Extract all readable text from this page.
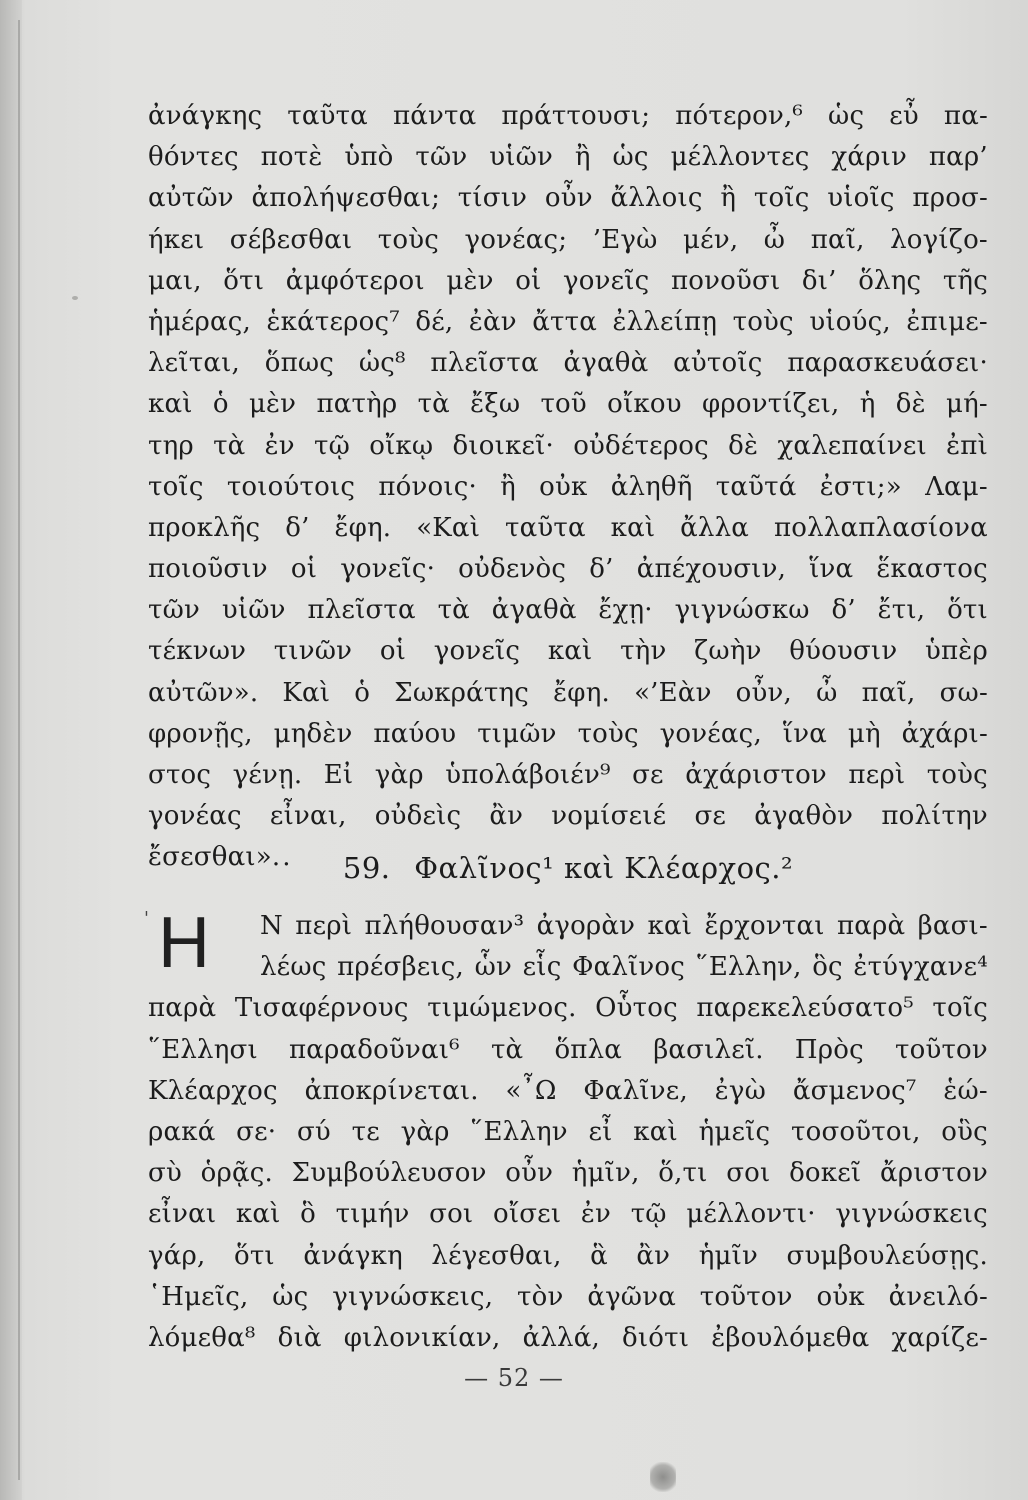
ἀνάγκης ταῦτα πάντα πράττουσι; πότερον,⁶ ὡς εὖ πα-
θόντες ποτὲ ὑπὸ τῶν υἱῶν ἢ ὡς μέλλοντες χάριν παρ’
αὐτῶν ἀπολήψεσθαι; τίσιν οὖν ἄλλοις ἢ τοῖς υἱοῖς προσ-
ήκει σέβεσθαι τοὺς γονέας; ’Εγὼ μέν, ὦ παῖ, λογίζο-
μαι, ὅτι ἀμφότεροι μὲν οἱ γονεῖς πονοῦσι δι’ ὅλης τῆς
ἡμέρας, ἑκάτερος⁷ δέ, ἐὰν ἄττα ἐλλείπῃ τοὺς υἱούς, ἐπιμε-
λεῖται, ὅπως ὡς⁸ πλεῖστα ἀγαθὰ αὐτοῖς παρασκευάσει·
καὶ ὁ μὲν πατὴρ τὰ ἔξω τοῦ οἴκου φροντίζει, ἡ δὲ μή-
τηρ τὰ ἐν τῷ οἴκῳ διοικεῖ· οὐδέτερος δὲ χαλεπαίνει ἐπὶ
τοῖς τοιούτοις πόνοις· ἢ οὐκ ἀληθῆ ταῦτά ἐστι;» Λαμ-
προκλῆς δ’ ἔφη. «Καὶ ταῦτα καὶ ἄλλα πολλαπλασίονα
ποιοῦσιν οἱ γονεῖς· οὐδενὸς δ’ ἀπέχουσιν, ἵνα ἕκαστος
τῶν υἱῶν πλεῖστα τὰ ἀγαθὰ ἔχῃ· γιγνώσκω δ’ ἔτι, ὅτι
τέκνων τινῶν οἱ γονεῖς καὶ τὴν ζωὴν θύουσιν ὑπὲρ
αὐτῶν». Καὶ ὁ Σωκράτης ἔφη. «’Εὰν οὖν, ὦ παῖ, σω-
φρονῇς, μηδὲν παύου τιμῶν τοὺς γονέας, ἵνα μὴ ἀχάρι-
στος γένῃ. Εἰ γὰρ ὑπολάβοιέν⁹ σε ἀχάριστον περὶ τοὺς
γονέας εἶναι, οὐδεὶς ἂν νομίσειέ σε ἀγαθὸν πολίτην
ἔσεσθαι». .	59. Φαλῖνος¹ καὶ Κλέαρχος.²
' Η Ν περὶ πλήθουσαν³ ἀγορὰν καὶ ἔρχονται παρὰ βασι-
λέως πρέσβεις, ὧν εἷς Φαλῖνος ῞Ελλην, ὃς ἐτύγχανε⁴
παρὰ Τισαφέρνους τιμώμενος. Οὗτος παρεκελεύσατο⁵ τοῖς
῞Ελλησι παραδοῦναι⁶ τὰ ὅπλα βασιλεῖ. Πρὸς τοῦτον
Κλέαρχος ἀποκρίνεται. «῏Ω Φαλῖνε, ἐγὼ ἄσμενος⁷ ἑώ-
ρακά σε· σύ τε γὰρ ῞Ελλην εἶ καὶ ἡμεῖς τοσοῦτοι, οὓς
σὺ ὁρᾷς. Συμβούλευσον οὖν ἡμῖν, ὅ,τι σοι δοκεῖ ἄριστον
εἶναι καὶ ὃ τιμήν σοι οἴσει ἐν τῷ μέλλοντι· γιγνώσκεις
γάρ, ὅτι ἀνάγκη λέγεσθαι, ἃ ἂν ἡμῖν συμβουλεύσῃς.
῾Ημεῖς, ὡς γιγνώσκεις, τὸν ἀγῶνα τοῦτον οὐκ ἀνειλό-
λόμεθα⁸ διὰ φιλονικίαν, ἀλλά, διότι ἐβουλόμεθα χαρίζε-
— 52 —
